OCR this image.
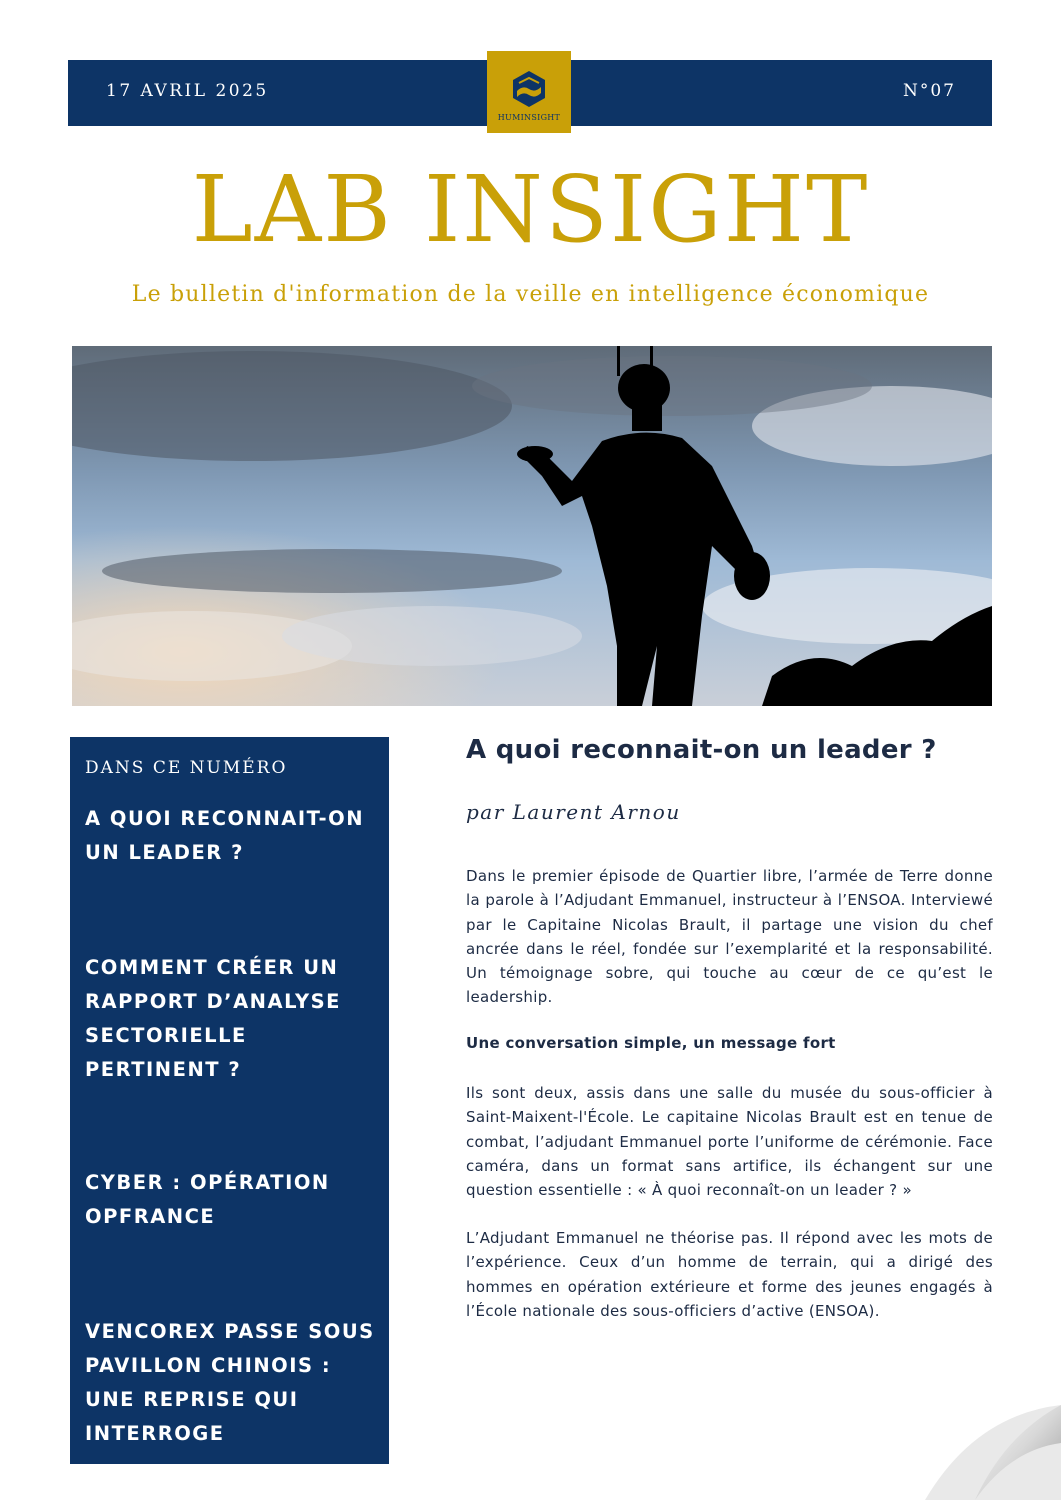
17 AVRIL 2025	N°07
HUMINSIGHT
LAB INSIGHT
Le bulletin d'information de la veille en intelligence économique
DANS CE NUMÉRO
A QUOI RECONNAIT-ON UN LEADER ?
COMMENT CRÉER UN RAPPORT D’ANALYSE SECTORIELLE PERTINENT ?
CYBER : OPÉRATION OPFRANCE
VENCOREX PASSE SOUS PAVILLON CHINOIS : UNE REPRISE QUI INTERROGE
A quoi reconnait-on un leader ?
par Laurent Arnou
Dans le premier épisode de Quartier libre, l’armée de Terre donne la parole à l’Adjudant Emmanuel, instructeur à l’ENSOA. Interviewé par le Capitaine Nicolas Brault, il partage une vision du chef ancrée dans le réel, fondée sur l’exemplarité et la responsabilité. Un témoignage sobre, qui touche au cœur de ce qu’est le leadership.
Une conversation simple, un message fort
Ils sont deux, assis dans une salle du musée du sous-officier à Saint-Maixent-l'École. Le capitaine Nicolas Brault est en tenue de combat, l’adjudant Emmanuel porte l’uniforme de cérémonie. Face caméra, dans un format sans artifice, ils échangent sur une question essentielle : « À quoi reconnaît-on un leader ? »
L’Adjudant Emmanuel ne théorise pas. Il répond avec les mots de l’expérience. Ceux d’un homme de terrain, qui a dirigé des hommes en opération extérieure et forme des jeunes engagés à l’École nationale des sous-officiers d’active (ENSOA).
